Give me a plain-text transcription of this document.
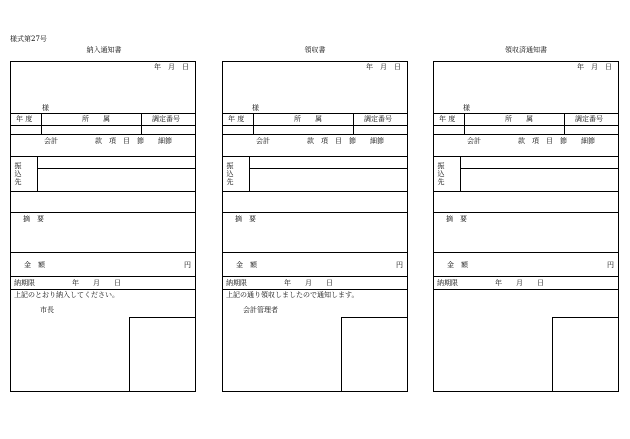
様式第27号
納入通知書
年　月　日
様
年 度	所　　属	調定番号
会計	款　項　目　節　　細節
振込先
摘　要
金　額	円
納期限	年　　月　　日
上記のとおり納入してください。
市長
領収書
年　月　日
様
年 度	所　　属	調定番号
会計	款　項　目　節　　細節
振込先
摘　要
金　額	円
納期限	年　　月　　日
上記の通り領収しましたので通知します。
会計管理者
領収済通知書
年　月　日
様
年 度	所　　属	調定番号
会計	款　項　目　節　　細節
振込先
摘　要
金　額	円
納期限	年　　月　　日
